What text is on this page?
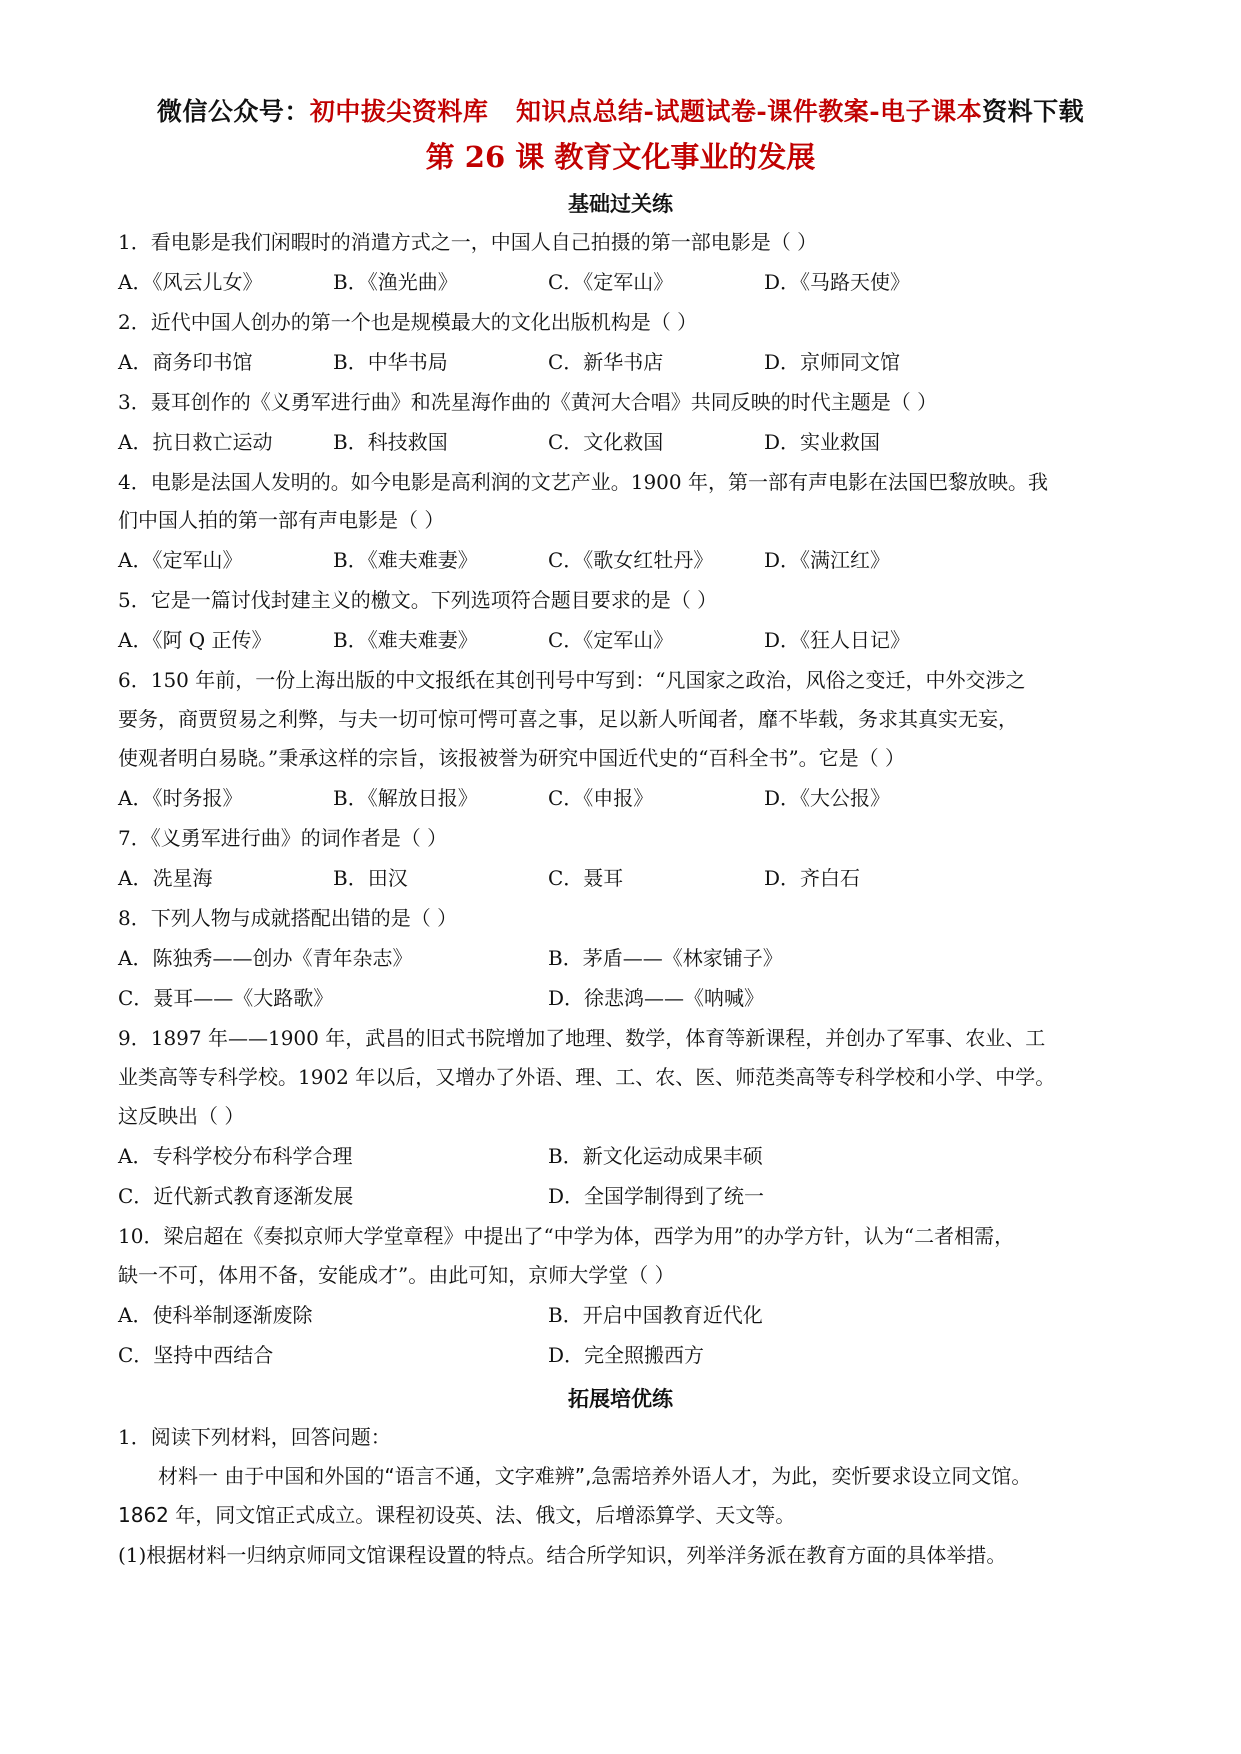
微信公众号：初中拔尖资料库 知识点总结-试题试卷-课件教案-电子课本资料下载
第 26 课 教育文化事业的发展
基础过关练
1．看电影是我们闲暇时的消遣方式之一，中国人自己拍摄的第一部电影是（ ）
A．《风云儿女》	B．《渔光曲》	C．《定军山》	D．《马路天使》
2．近代中国人创办的第一个也是规模最大的文化出版机构是（ ）
A．商务印书馆	B．中华书局	C．新华书店	D．京师同文馆
3．聂耳创作的《义勇军进行曲》和冼星海作曲的《黄河大合唱》共同反映的时代主题是（ ）
A．抗日救亡运动	B．科技救国	C．文化救国	D．实业救国
4．电影是法国人发明的。如今电影是高利润的文艺产业。1900 年，第一部有声电影在法国巴黎放映。我
们中国人拍的第一部有声电影是（ ）
A．《定军山》	B．《难夫难妻》	C．《歌女红牡丹》	D．《满江红》
5．它是一篇讨伐封建主义的檄文。下列选项符合题目要求的是（ ）
A．《阿 Q 正传》	B．《难夫难妻》	C．《定军山》	D．《狂人日记》
6．150 年前，一份上海出版的中文报纸在其创刊号中写到：“凡国家之政治，风俗之变迁，中外交涉之
要务，商贾贸易之利弊，与夫一切可惊可愕可喜之事，足以新人听闻者，靡不毕载，务求其真实无妄，
使观者明白易晓。”秉承这样的宗旨，该报被誉为研究中国近代史的“百科全书”。它是（ ）
A．《时务报》	B．《解放日报》	C．《申报》	D．《大公报》
7．《义勇军进行曲》的词作者是（ ）
A．冼星海	B．田汉	C．聂耳	D．齐白石
8．下列人物与成就搭配出错的是（ ）
A．陈独秀——创办《青年杂志》	B．茅盾——《林家铺子》
C．聂耳——《大路歌》	D．徐悲鸿——《呐喊》
9．1897 年——1900 年，武昌的旧式书院增加了地理、数学，体育等新课程，并创办了军事、农业、工
业类高等专科学校。1902 年以后，又增办了外语、理、工、农、医、师范类高等专科学校和小学、中学。
这反映出（ ）
A．专科学校分布科学合理	B．新文化运动成果丰硕
C．近代新式教育逐渐发展	D．全国学制得到了统一
10．梁启超在《奏拟京师大学堂章程》中提出了“中学为体，西学为用”的办学方针，认为“二者相需，
缺一不可，体用不备，安能成才”。由此可知，京师大学堂（ ）
A．使科举制逐渐废除	B．开启中国教育近代化
C．坚持中西结合	D．完全照搬西方
拓展培优练
1．阅读下列材料，回答问题：
材料一 由于中国和外国的“语言不通，文字难辨”,急需培养外语人才，为此，奕忻要求设立同文馆。
1862 年，同文馆正式成立。课程初设英、法、俄文，后增添算学、天文等。
(1)根据材料一归纳京师同文馆课程设置的特点。结合所学知识，列举洋务派在教育方面的具体举措。
